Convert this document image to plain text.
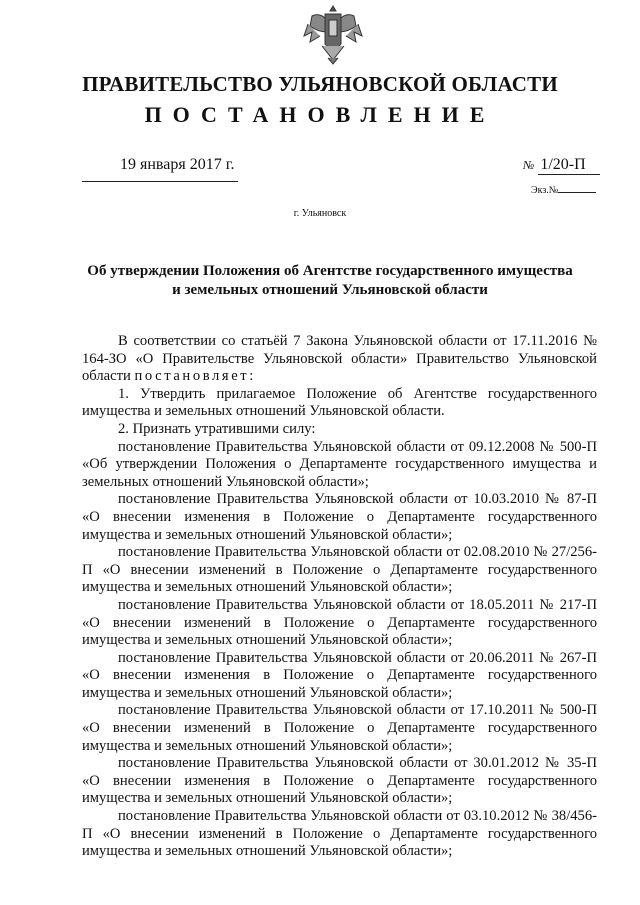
ПРАВИТЕЛЬСТВО УЛЬЯНОВСКОЙ ОБЛАСТИ
ПОСТАНОВЛЕНИЕ
19 января 2017 г.	№ 1/20-П
Экз.№
г. Ульяновск
Об утверждении Положения об Агентстве государственного имущества
и земельных отношений Ульяновской области

В соответствии со статьёй 7 Закона Ульяновской области от 17.11.2016 № 164-ЗО «О Правительстве Ульяновской области» Правительство Ульяновской области постановляет:

1. Утвердить прилагаемое Положение об Агентстве государственного имущества и земельных отношений Ульяновской области.

2. Признать утратившими силу:

постановление Правительства Ульяновской области от 09.12.2008 № 500-П «Об утверждении Положения о Департаменте государственного имущества и земельных отношений Ульяновской области»;

постановление Правительства Ульяновской области от 10.03.2010 № 87-П «О внесении изменения в Положение о Департаменте государственного имущества и земельных отношений Ульяновской области»;

постановление Правительства Ульяновской области от 02.08.2010 № 27/256-П «О внесении изменений в Положение о Департаменте государственного имущества и земельных отношений Ульяновской области»;

постановление Правительства Ульяновской области от 18.05.2011 № 217-П «О внесении изменений в Положение о Департаменте государственного имущества и земельных отношений Ульяновской области»;

постановление Правительства Ульяновской области от 20.06.2011 № 267-П «О внесении изменения в Положение о Департаменте государственного имущества и земельных отношений Ульяновской области»;

постановление Правительства Ульяновской области от 17.10.2011 № 500-П «О внесении изменений в Положение о Департаменте государственного имущества и земельных отношений Ульяновской области»;

постановление Правительства Ульяновской области от 30.01.2012 № 35-П «О внесении изменения в Положение о Департаменте государственного имущества и земельных отношений Ульяновской области»;

постановление Правительства Ульяновской области от 03.10.2012 № 38/456-П «О внесении изменений в Положение о Департаменте государственного имущества и земельных отношений Ульяновской области»;
